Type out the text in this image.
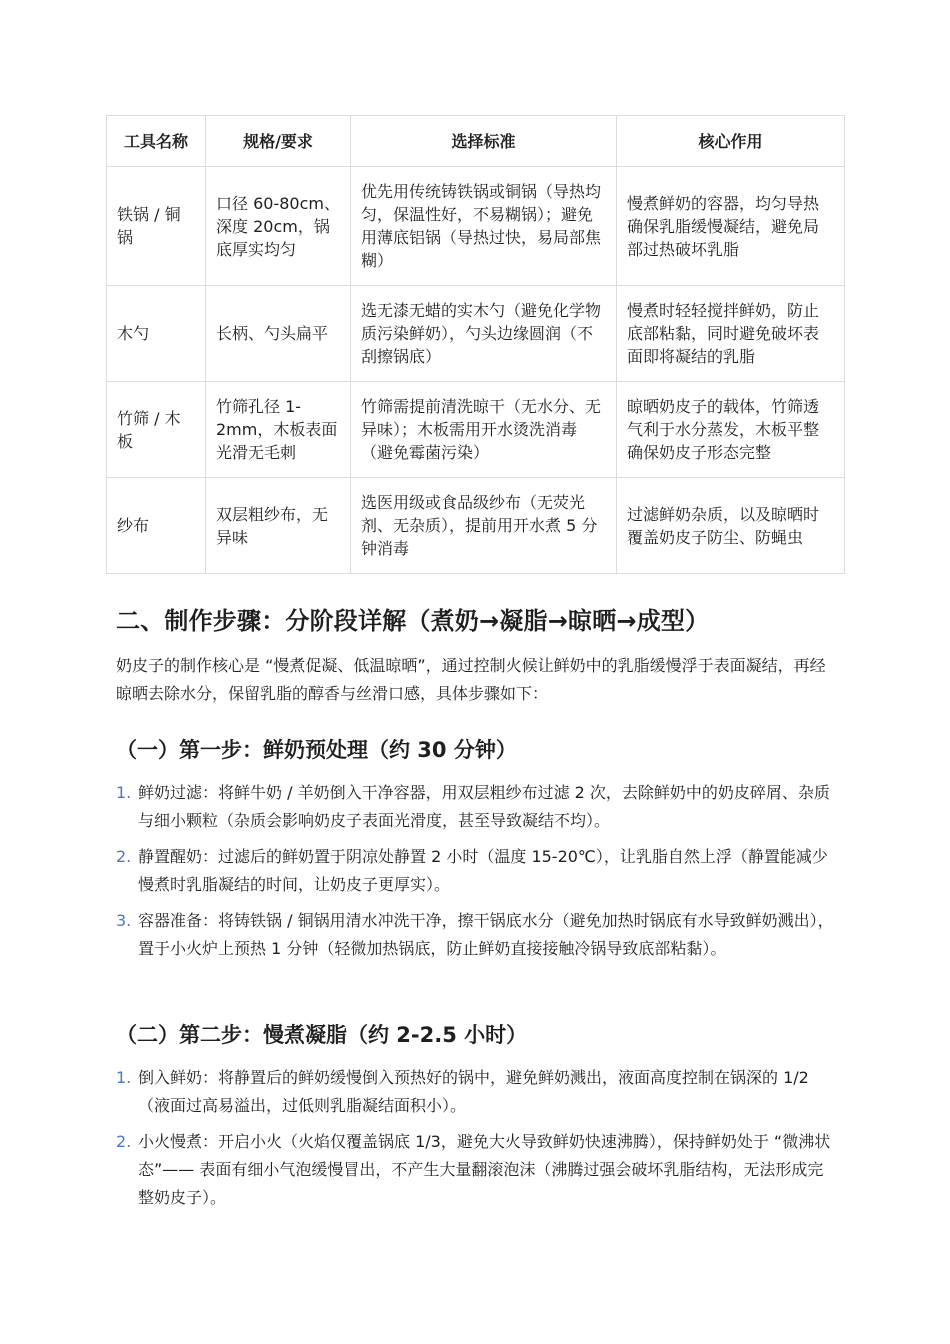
工具名称	规格/要求	选择标准	核心作用
铁锅 / 铜锅	口径 60-80cm、深度 20cm，锅底厚实均匀	优先用传统铸铁锅或铜锅（导热均匀，保温性好，不易糊锅）；避免用薄底铝锅（导热过快，易局部焦糊）	慢煮鲜奶的容器，均匀导热确保乳脂缓慢凝结，避免局部过热破坏乳脂
木勺	长柄、勺头扁平	选无漆无蜡的实木勺（避免化学物质污染鲜奶），勺头边缘圆润（不刮擦锅底）	慢煮时轻轻搅拌鲜奶，防止底部粘黏，同时避免破坏表面即将凝结的乳脂
竹筛 / 木板	竹筛孔径 1-2mm，木板表面光滑无毛刺	竹筛需提前清洗晾干（无水分、无异味）；木板需用开水烫洗消毒（避免霉菌污染）	晾晒奶皮子的载体，竹筛透气利于水分蒸发，木板平整确保奶皮子形态完整
纱布	双层粗纱布，无异味	选医用级或食品级纱布（无荧光剂、无杂质），提前用开水煮 5 分钟消毒	过滤鲜奶杂质，以及晾晒时覆盖奶皮子防尘、防蝇虫
二、制作步骤：分阶段详解（煮奶→凝脂→晾晒→成型）

奶皮子的制作核心是 “慢煮促凝、低温晾晒”，通过控制火候让鲜奶中的乳脂缓慢浮于表面凝结，再经晾晒去除水分，保留乳脂的醇香与丝滑口感，具体步骤如下：

（一）第一步：鲜奶预处理（约 30 分钟）
1. 鲜奶过滤：将鲜牛奶 / 羊奶倒入干净容器，用双层粗纱布过滤 2 次，去除鲜奶中的奶皮碎屑、杂质与细小颗粒（杂质会影响奶皮子表面光滑度，甚至导致凝结不均）。
2. 静置醒奶：过滤后的鲜奶置于阴凉处静置 2 小时（温度 15-20℃），让乳脂自然上浮（静置能减少慢煮时乳脂凝结的时间，让奶皮子更厚实）。
3. 容器准备：将铸铁锅 / 铜锅用清水冲洗干净，擦干锅底水分（避免加热时锅底有水导致鲜奶溅出），置于小火炉上预热 1 分钟（轻微加热锅底，防止鲜奶直接接触冷锅导致底部粘黏）。
（二）第二步：慢煮凝脂（约 2-2.5 小时）
1. 倒入鲜奶：将静置后的鲜奶缓慢倒入预热好的锅中，避免鲜奶溅出，液面高度控制在锅深的 1/2（液面过高易溢出，过低则乳脂凝结面积小）。
2. 小火慢煮：开启小火（火焰仅覆盖锅底 1/3，避免大火导致鲜奶快速沸腾），保持鲜奶处于 “微沸状态”—— 表面有细小气泡缓慢冒出，不产生大量翻滚泡沫（沸腾过强会破坏乳脂结构，无法形成完整奶皮子）。
